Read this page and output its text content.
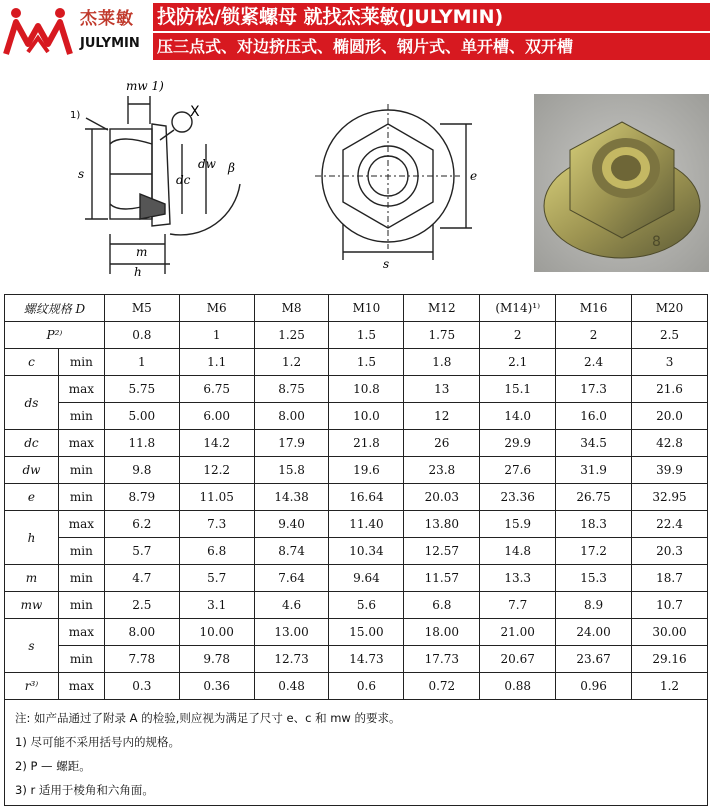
杰莱敏
JULYMIN
找防松/锁紧螺母 就找杰莱敏(JULYMIN)
压三点式、对边挤压式、椭圆形、钢片式、单开槽、双开槽
mw 1)
X
1)
s	dc
dw β
m
h
s
e
8
螺纹规格 D		M5	M6	M8	M10	M12	(M14)¹⁾	M16	M20
P²⁾		0.8	1	1.25	1.5	1.75	2	2	2.5
c	min	1	1.1	1.2	1.5	1.8	2.1	2.4	3
ds	max	5.75	6.75	8.75	10.8	13	15.1	17.3	21.6
	min	5.00	6.00	8.00	10.0	12	14.0	16.0	20.0
dc	max	11.8	14.2	17.9	21.8	26	29.9	34.5	42.8
dw	min	9.8	12.2	15.8	19.6	23.8	27.6	31.9	39.9
e	min	8.79	11.05	14.38	16.64	20.03	23.36	26.75	32.95
h	max	6.2	7.3	9.40	11.40	13.80	15.9	18.3	22.4
	min	5.7	6.8	8.74	10.34	12.57	14.8	17.2	20.3
m	min	4.7	5.7	7.64	9.64	11.57	13.3	15.3	18.7
mw	min	2.5	3.1	4.6	5.6	6.8	7.7	8.9	10.7
s	max	8.00	10.00	13.00	15.00	18.00	21.00	24.00	30.00
	min	7.78	9.78	12.73	14.73	17.73	20.67	23.67	29.16
r³⁾	max	0.3	0.36	0.48	0.6	0.72	0.88	0.96	1.2
注: 如产品通过了附录 A 的检验,则应视为满足了尺寸 e、c 和 mw 的要求。
1) 尽可能不采用括号内的规格。
2) P — 螺距。
3) r 适用于棱角和六角面。
